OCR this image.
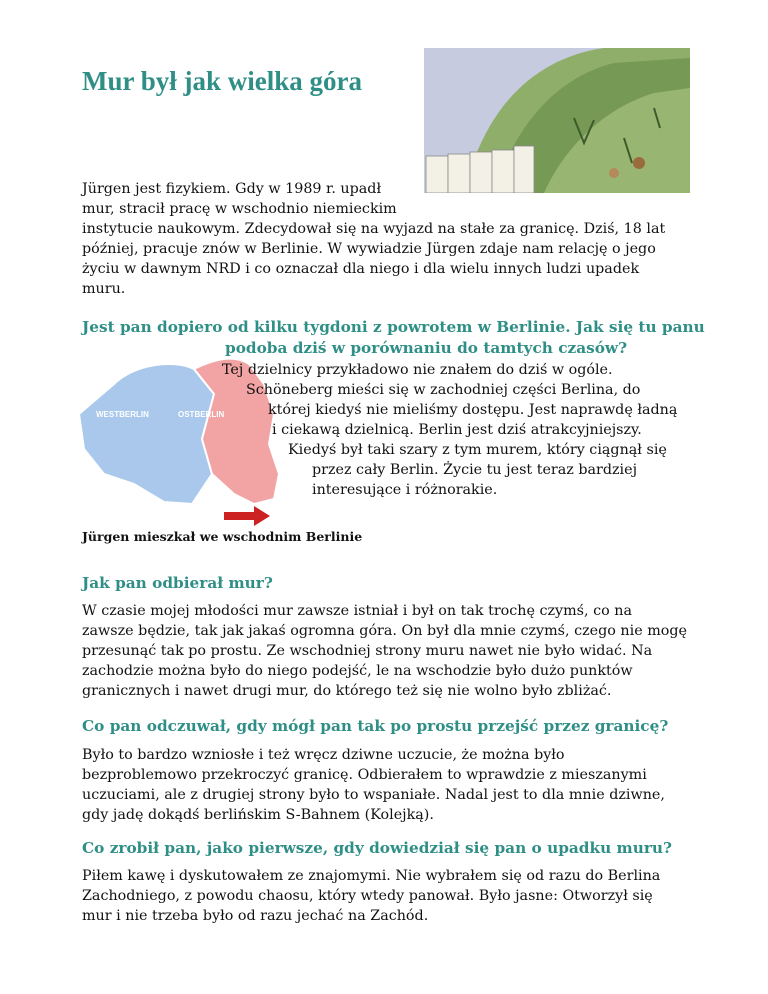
Mur był jak wielka góra

Jürgen jest fizykiem. Gdy w 1989 r. upadł

mur, stracił pracę w wschodnio niemieckim

instytucie naukowym. Zdecydował się na wyjazd na stałe za granicę. Dziś, 18 lat

później, pracuje znów w Berlinie. W wywiadzie Jürgen zdaje nam relację o jego

życiu w dawnym NRD i co oznaczał dla niego i dla wielu innych ludzi upadek

muru.

Jest pan dopiero od kilku tygdoni z powrotem w Berlinie. Jak się tu panu

podoba dziś w porównaniu do tamtych czasów?

WESTBERLIN	OSTBERLIN

Tej dzielnicy przykładowo nie znałem do dziś w ogóle.

Schöneberg mieści się w zachodniej części Berlina, do

której kiedyś nie mieliśmy dostępu. Jest naprawdę ładną

i ciekawą dzielnicą. Berlin jest dziś atrakcyjniejszy.

Kiedyś był taki szary z tym murem, który ciągnął się

przez cały Berlin. Życie tu jest teraz bardziej

interesujące i różnorakie.

Jürgen mieszkał we wschodnim Berlinie

Jak pan odbierał mur?

W czasie mojej młodości mur zawsze istniał i był on tak trochę czymś, co na

zawsze będzie, tak jak jakaś ogromna góra. On był dla mnie czymś, czego nie mogę

przesunąć tak po prostu. Ze wschodniej strony muru nawet nie było widać. Na

zachodzie można było do niego podejść, le na wschodzie było dużo punktów

granicznych i nawet drugi mur, do którego też się nie wolno było zbliżać.

Co pan odczuwał, gdy mógł pan tak po prostu przejść przez granicę?

Było to bardzo wzniosłe i też wręcz dziwne uczucie, że można było

bezproblemowo przekroczyć granicę. Odbierałem to wprawdzie z mieszanymi

uczuciami, ale z drugiej strony było to wspaniałe. Nadal jest to dla mnie dziwne,

gdy jadę dokądś berlińskim S-Bahnem (Kolejką).

Co zrobił pan, jako pierwsze, gdy dowiedział się pan o upadku muru?

Piłem kawę i dyskutowałem ze znajomymi. Nie wybrałem się od razu do Berlina

Zachodniego, z powodu chaosu, który wtedy panował. Było jasne: Otworzył się

mur i nie trzeba było od razu jechać na Zachód.
